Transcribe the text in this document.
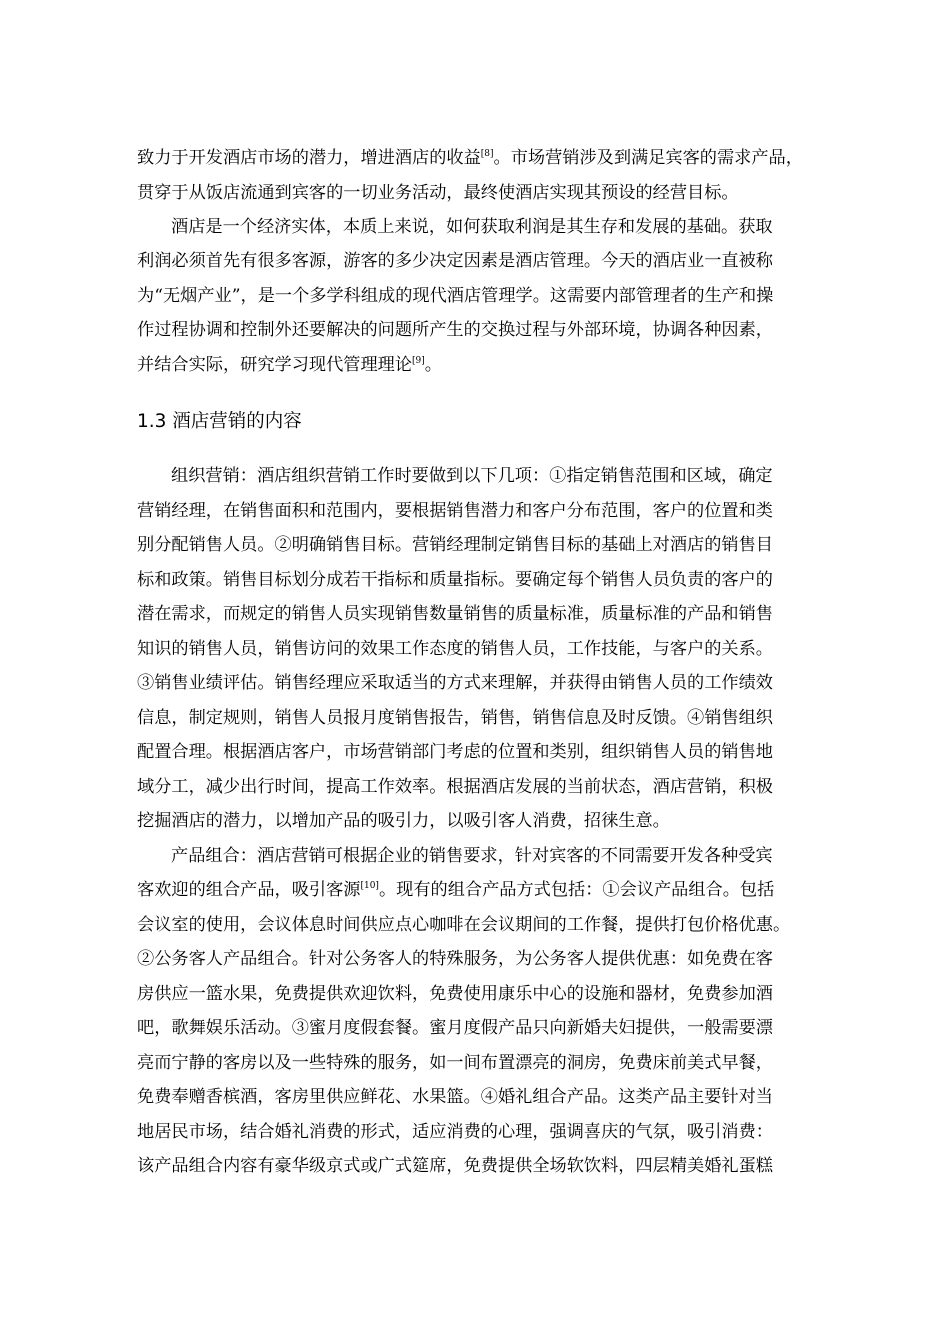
致力于开发酒店市场的潜力，增进酒店的收益[8]。市场营销涉及到满足宾客的需求产品，
贯穿于从饭店流通到宾客的一切业务活动，最终使酒店实现其预设的经营目标。
酒店是一个经济实体，本质上来说，如何获取利润是其生存和发展的基础。获取
利润必须首先有很多客源，游客的多少决定因素是酒店管理。今天的酒店业一直被称
为“无烟产业”，是一个多学科组成的现代酒店管理学。这需要内部管理者的生产和操
作过程协调和控制外还要解决的问题所产生的交换过程与外部环境，协调各种因素，
并结合实际，研究学习现代管理理论[9]。
1.3 酒店营销的内容
组织营销：酒店组织营销工作时要做到以下几项：①指定销售范围和区域，确定
营销经理，在销售面积和范围内，要根据销售潜力和客户分布范围，客户的位置和类
别分配销售人员。②明确销售目标。营销经理制定销售目标的基础上对酒店的销售目
标和政策。销售目标划分成若干指标和质量指标。要确定每个销售人员负责的客户的
潜在需求，而规定的销售人员实现销售数量销售的质量标准，质量标准的产品和销售
知识的销售人员，销售访问的效果工作态度的销售人员，工作技能，与客户的关系。
③销售业绩评估。销售经理应采取适当的方式来理解，并获得由销售人员的工作绩效
信息，制定规则，销售人员报月度销售报告，销售，销售信息及时反馈。④销售组织
配置合理。根据酒店客户，市场营销部门考虑的位置和类别，组织销售人员的销售地
域分工，减少出行时间，提高工作效率。根据酒店发展的当前状态，酒店营销，积极
挖掘酒店的潜力，以增加产品的吸引力，以吸引客人消费，招徕生意。
产品组合：酒店营销可根据企业的销售要求，针对宾客的不同需要开发各种受宾
客欢迎的组合产品，吸引客源[10]。现有的组合产品方式包括：①会议产品组合。包括
会议室的使用，会议体息时间供应点心咖啡在会议期间的工作餐，提供打包价格优惠。
②公务客人产品组合。针对公务客人的特殊服务，为公务客人提供优惠：如免费在客
房供应一篮水果，免费提供欢迎饮料，免费使用康乐中心的设施和器材，免费参加酒
吧，歌舞娱乐活动。③蜜月度假套餐。蜜月度假产品只向新婚夫妇提供，一般需要漂
亮而宁静的客房以及一些特殊的服务，如一间布置漂亮的洞房，免费床前美式早餐，
免费奉赠香槟酒，客房里供应鲜花、水果篮。④婚礼组合产品。这类产品主要针对当
地居民市场，结合婚礼消费的形式，适应消费的心理，强调喜庆的气氛，吸引消费：
该产品组合内容有豪华级京式或广式筵席，免费提供全场软饮料，四层精美婚礼蛋糕
